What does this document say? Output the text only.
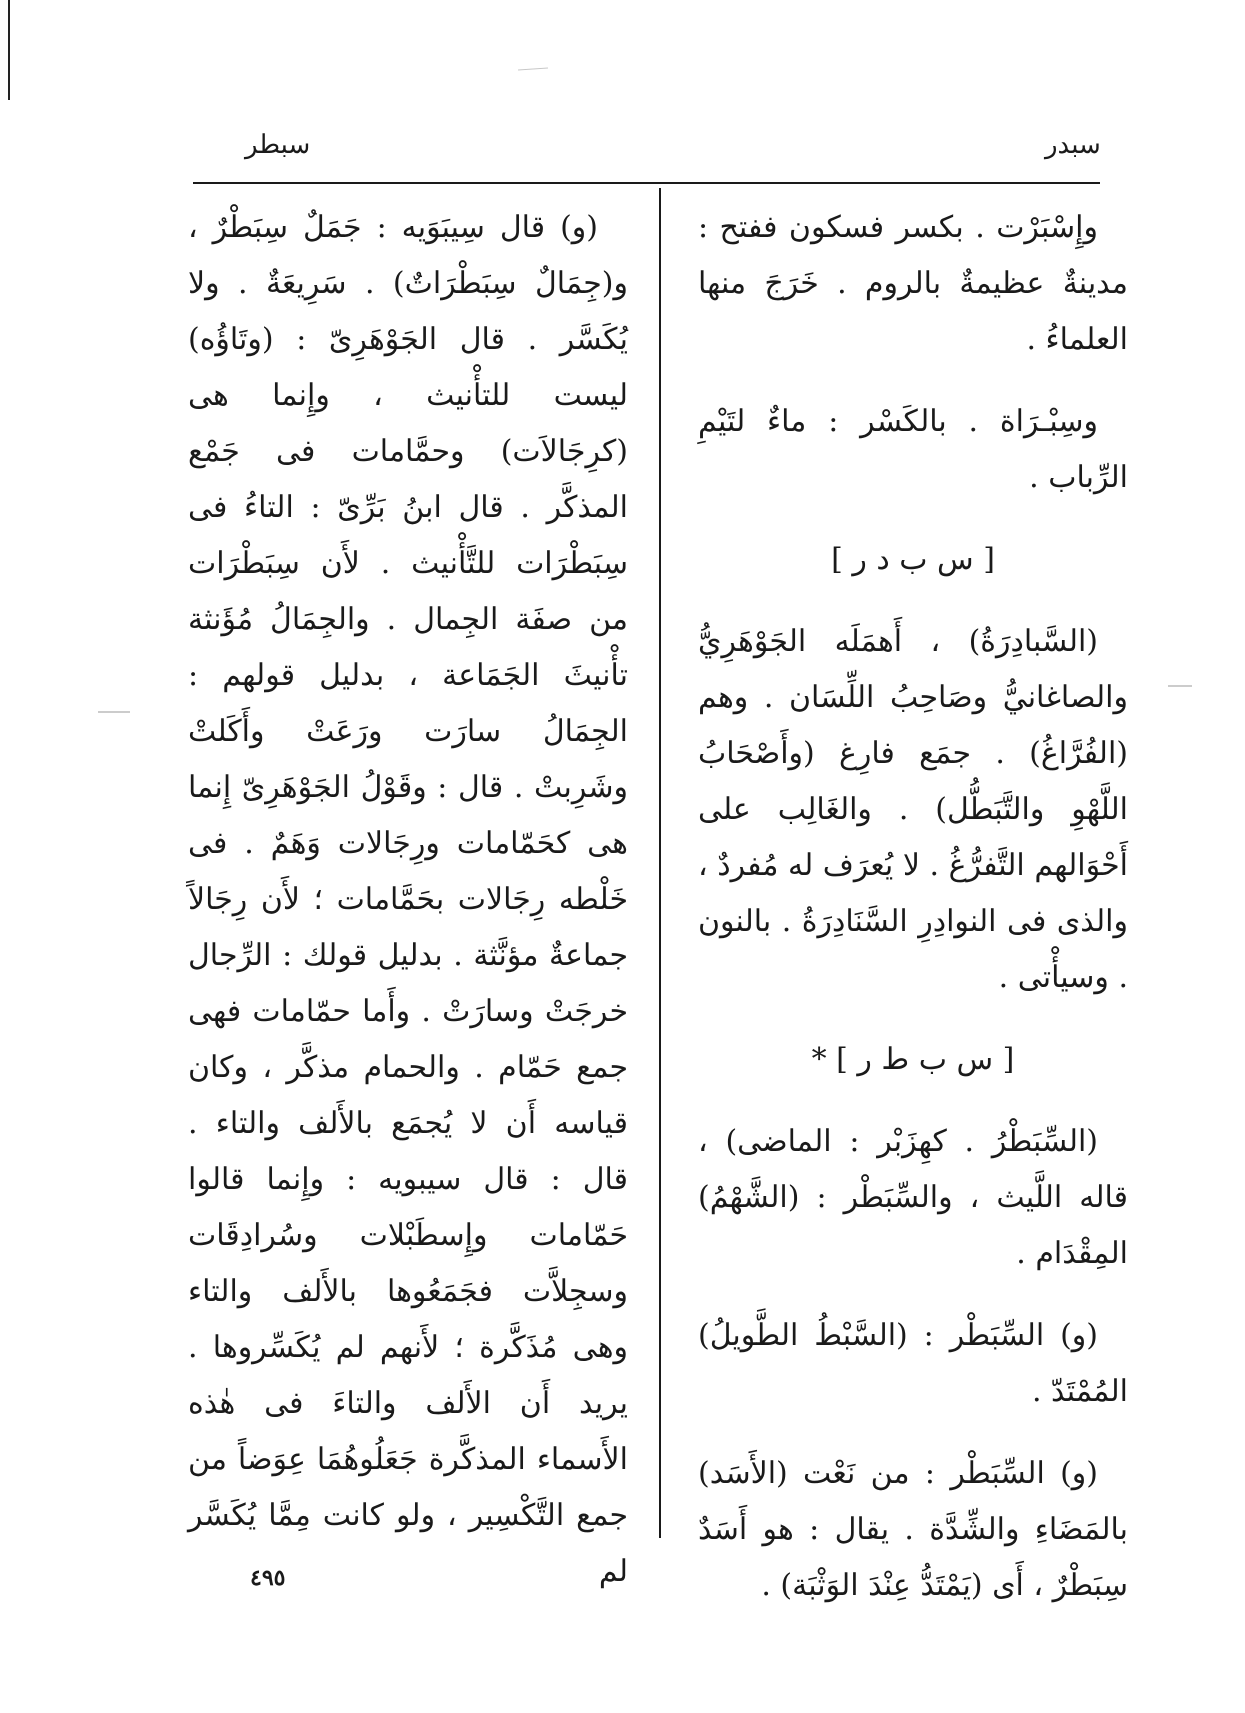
سبطر	سبدر

وإِسْبَرْت . بكسر فسكون ففتح : مدينةٌ عظيمةٌ بالروم . خَرَجَ منها العلماءُ .

وسِبْـرَاة . بالكَسْر : ماءٌ لتَيْمِ الرِّباب .

[ س ب د ر ]

(السَّبادِرَةُ) ، أَهمَلَه الجَوْهَرِيُّ والصاغانيُّ وصَاحِبُ اللِّسَان . وهم (الفُرَّاغُ) . جمَع فارِغ (وأَصْحَابُ اللَّهْوِ والتَّبَطُّل) . والغَالِب على أَحْوَالهم التَّفرُّغُ . لا يُعرَف له مُفردٌ ، والذى فى النوادِرِ السَّنَادِرَةُ . بالنون . وسيأْتى .

[ س ب ط ر ] *

(السِّبَطْرُ . كهِزَبْر : الماضى) ، قاله اللَّيث ، والسِّبَطْر : (الشَّهْمُ) المِقْدَام .

(و) السِّبَطْر : (السَّبْطُ الطَّويلُ) المُمْتَدّ .

(و) السِّبَطْر : من نَعْت (الأَسَد) بالمَضَاءِ والشِّدَّة . يقال : هو أَسَدٌ سِبَطْرٌ ، أَى (يَمْتَدُّ عِنْدَ الوَثْبَة) .

(و) قال سِيبَوَيه : جَمَلٌ سِبَطْرٌ ، و(جِمَالٌ سِبَطْرَاتٌ) . سَرِيعَةٌ . ولا يُكَسَّر . قال الجَوْهَرِىّ : (وتَاؤُه) ليست للتأْنيث ، وإِنما هى (كرِجَالاَت) وحمَّامات فى جَمْع المذكَّر . قال ابنُ بَرِّىّ : التاءُ فى سِبَطْرَات للتَّأْنيث . لأَن سِبَطْرَات من صفَة الجِمال . والجِمَالُ مُؤَنثة تأْنيثَ الجَمَاعة ، بدليل قولهم : الجِمَالُ سارَت ورَعَتْ وأَكَلتْ وشَرِبتْ . قال : وقَوْلُ الجَوْهَرِىّ إِنما هى كحَمّامات ورِجَالات وَهَمٌ . فى خَلْطه رِجَالات بحَمَّامات ؛ لأَن رِجَالاً جماعةٌ مؤنَّثة . بدليل قولك : الرِّجال خرجَتْ وسارَتْ . وأَما حمّامات فهى جمع حَمّام . والحمام مذكَّر ، وكان قياسه أَن لا يُجمَع بالأَلف والتاء . قال : قال سيبويه : وإِنما قالوا حَمّامات وإِسطَبْلات وسُرادِقَات وسجِلاَّت فجَمَعُوها بالأَلف والتاء وهى مُذَكَّرة ؛ لأَنهم لم يُكَسِّروها . يريد أَن الأَلف والتاءَ فى هٰذه الأَسماء المذكَّرة جَعَلُوهُمَا عِوَضاً من جمع التَّكْسِير ، ولو كانت مِمَّا يُكَسَّر لم

٤٩٥
